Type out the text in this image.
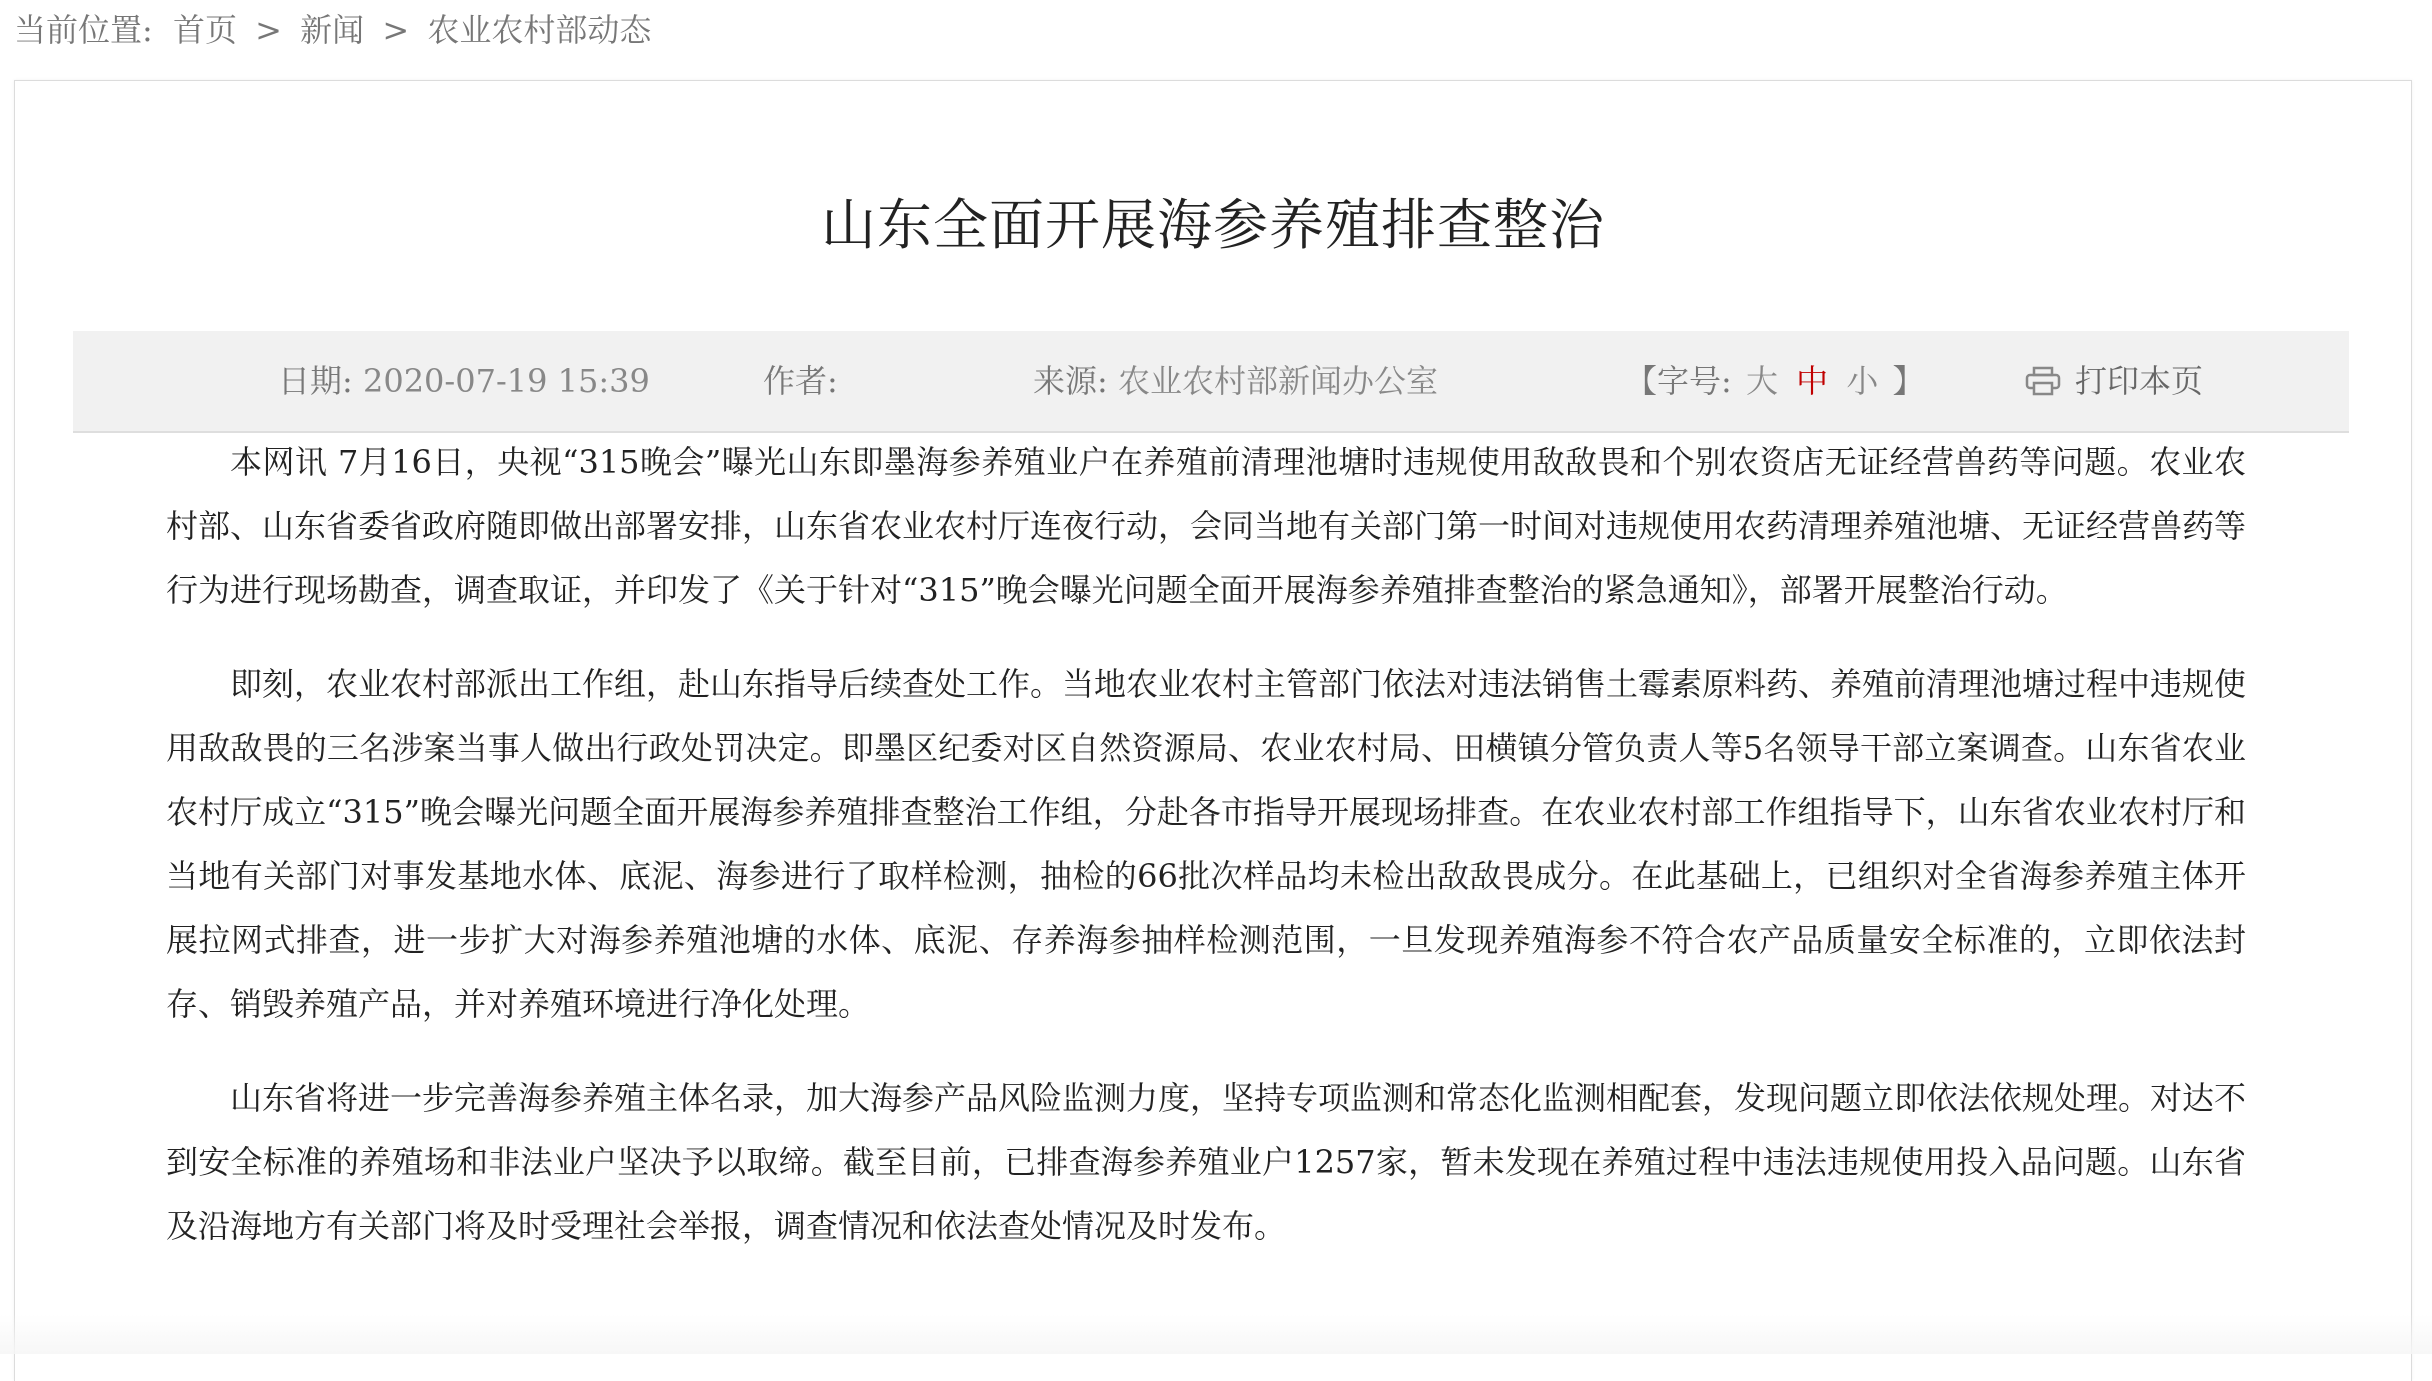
当前位置: 首页 > 新闻 > 农业农村部动态
山东全面开展海参养殖排查整治
日期: 2020-07-19 15:39	作者:	来源: 农业农村部新闻办公室	【字号: 大 中 小 】	打印本页

本网讯 7月16日，央视“315晚会”曝光山东即墨海参养殖业户在养殖前清理池塘时违规使用敌敌畏和个别农资店无证经营兽药等问题。农业农村部、山东省委省政府随即做出部署安排，山东省农业农村厅连夜行动，会同当地有关部门第一时间对违规使用农药清理养殖池塘、无证经营兽药等行为进行现场勘查，调查取证，并印发了《关于针对“315”晚会曝光问题全面开展海参养殖排查整治的紧急通知》，部署开展整治行动。

即刻，农业农村部派出工作组，赴山东指导后续查处工作。当地农业农村主管部门依法对违法销售土霉素原料药、养殖前清理池塘过程中违规使用敌敌畏的三名涉案当事人做出行政处罚决定。即墨区纪委对区自然资源局、农业农村局、田横镇分管负责人等5名领导干部立案调查。山东省农业农村厅成立“315”晚会曝光问题全面开展海参养殖排查整治工作组，分赴各市指导开展现场排查。在农业农村部工作组指导下，山东省农业农村厅和当地有关部门对事发基地水体、底泥、海参进行了取样检测，抽检的66批次样品均未检出敌敌畏成分。在此基础上，已组织对全省海参养殖主体开展拉网式排查，进一步扩大对海参养殖池塘的水体、底泥、存养海参抽样检测范围，一旦发现养殖海参不符合农产品质量安全标准的，立即依法封存、销毁养殖产品，并对养殖环境进行净化处理。

山东省将进一步完善海参养殖主体名录，加大海参产品风险监测力度，坚持专项监测和常态化监测相配套，发现问题立即依法依规处理。对达不到安全标准的养殖场和非法业户坚决予以取缔。截至目前，已排查海参养殖业户1257家，暂未发现在养殖过程中违法违规使用投入品问题。山东省及沿海地方有关部门将及时受理社会举报，调查情况和依法查处情况及时发布。
